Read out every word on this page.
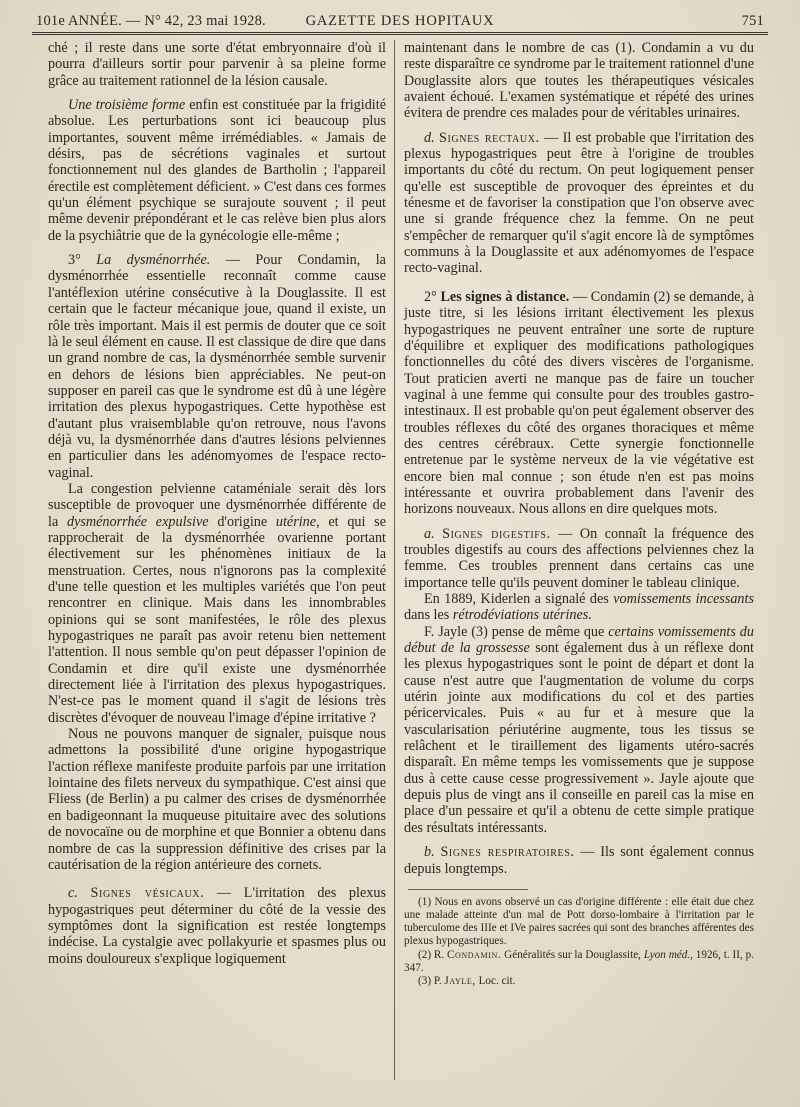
101e ANNÉE. — N° 42, 23 mai 1928.	GAZETTE DES HOPITAUX	751

ché ; il reste dans une sorte d'état embryonnaire d'où il pourra d'ailleurs sortir pour parvenir à sa pleine forme grâce au traitement rationnel de la lésion causale.

Une troisième forme enfin est constituée par la frigidité absolue. Les perturbations sont ici beaucoup plus importantes, souvent même irrémédiables. « Jamais de désirs, pas de sécrétions vaginales et surtout fonctionnement nul des glandes de Bartholin ; l'appareil érectile est complètement déficient. » C'est dans ces formes qu'un élément psychique se surajoute souvent ; il peut même devenir prépondérant et le cas relève bien plus alors de la psychiâtrie que de la gynécologie elle-même ;

3° La dysménorrhée. — Pour Condamin, la dysménorrhée essentielle reconnaît comme cause l'antéflexion utérine consécutive à la Douglassite. Il est certain que le facteur mécanique joue, quand il existe, un rôle très important. Mais il est permis de douter que ce soit là le seul élément en cause. Il est classique de dire que dans un grand nombre de cas, la dysménorrhée semble survenir en dehors de lésions bien appréciables. Ne peut-on supposer en pareil cas que le syndrome est dû à une légère irritation des plexus hypogastriques. Cette hypothèse est d'autant plus vraisemblable qu'on retrouve, nous l'avons déjà vu, la dysménorrhée dans d'autres lésions pelviennes en particulier dans les adénomyomes de l'espace recto-vaginal.

La congestion pelvienne cataméniale serait dès lors susceptible de provoquer une dysménorrhée différente de la dysménorrhée expulsive d'origine utérine, et qui se rapprocherait de la dysménorrhée ovarienne portant électivement sur les phénomènes initiaux de la menstruation. Certes, nous n'ignorons pas la complexité d'une telle question et les multiples variétés que l'on peut rencontrer en clinique. Mais dans les innombrables opinions qui se sont manifestées, le rôle des plexus hypogastriques ne paraît pas avoir retenu bien nettement l'attention. Il nous semble qu'on peut dépasser l'opinion de Condamin et dire qu'il existe une dysménorrhée directement liée à l'irritation des plexus hypogastriques. N'est-ce pas le moment quand il s'agit de lésions très discrètes d'évoquer de nouveau l'image d'épine irritative ?

Nous ne pouvons manquer de signaler, puisque nous admettons la possibilité d'une origine hypogastrique l'action réflexe manifeste produite parfois par une irritation lointaine des filets nerveux du sympathique. C'est ainsi que Fliess (de Berlin) a pu calmer des crises de dysménorrhée en badigeonnant la muqueuse pituitaire avec des solutions de novocaïne ou de morphine et que Bonnier a obtenu dans nombre de cas la suppression définitive des crises par la cautérisation de la région antérieure des cornets.

c. Signes vésicaux. — L'irritation des plexus hypogastriques peut déterminer du côté de la vessie des symptômes dont la signification est restée longtemps indécise. La cystalgie avec pollakyurie et spasmes plus ou moins douloureux s'explique logiquement

maintenant dans le nombre de cas (1). Condamin a vu du reste disparaître ce syndrome par le traitement rationnel d'une Douglassite alors que toutes les thérapeutiques vésicales avaient échoué. L'examen systématique et répété des urines évitera de prendre ces malades pour de véritables urinaires.

d. Signes rectaux. — Il est probable que l'irritation des plexus hypogastriques peut être à l'origine de troubles importants du côté du rectum. On peut logiquement penser qu'elle est susceptible de provoquer des épreintes et du ténesme et de favoriser la constipation que l'on observe avec une si grande fréquence chez la femme. On ne peut s'empêcher de remarquer qu'il s'agit encore là de symptômes communs à la Douglassite et aux adénomyomes de l'espace recto-vaginal.

2° Les signes à distance. — Condamin (2) se demande, à juste titre, si les lésions irritant électivement les plexus hypogastriques ne peuvent entraîner une sorte de rupture d'équilibre et expliquer des modifications pathologiques fonctionnelles du côté des divers viscères de l'organisme. Tout praticien averti ne manque pas de faire un toucher vaginal à une femme qui consulte pour des troubles gastro-intestinaux. Il est probable qu'on peut également observer des troubles réflexes du côté des organes thoraciques et même des centres cérébraux. Cette synergie fonctionnelle entretenue par le système nerveux de la vie végétative est encore bien mal connue ; son étude n'en est pas moins intéressante et ouvrira probablement dans l'avenir des horizons nouveaux. Nous allons en dire quelques mots.

a. Signes digestifs. — On connaît la fréquence des troubles digestifs au cours des affections pelviennes chez la femme. Ces troubles prennent dans certains cas une importance telle qu'ils peuvent dominer le tableau clinique.

En 1889, Kiderlen a signalé des vomissements incessants dans les rétrodéviations utérines.

F. Jayle (3) pense de même que certains vomissements du début de la grossesse sont également dus à un réflexe dont les plexus hypogastriques sont le point de départ et dont la cause n'est autre que l'augmentation de volume du corps utérin jointe aux modifications du col et des parties péricervicales. Puis « au fur et à mesure que la vascularisation périutérine augmente, tous les tissus se relâchent et le tiraillement des ligaments utéro-sacrés disparaît. En même temps les vomissements que je suppose dus à cette cause cesse progressivement ». Jayle ajoute que depuis plus de vingt ans il conseille en pareil cas la mise en place d'un pessaire et qu'il a obtenu de cette simple pratique des résultats intéressants.

b. Signes respiratoires. — Ils sont également connus depuis longtemps.

(1) Nous en avons observé un cas d'origine différente : elle était due chez une malade atteinte d'un mal de Pott dorso-lombaire à l'irritation par le tuberculome des IIIe et IVe paires sacrées qui sont des branches afférentes des plexus hypogastriques.

(2) R. Condamin. Généralités sur la Douglassite, Lyon méd., 1926, t. II, p. 347.

(3) P. Jayle, Loc. cit.
